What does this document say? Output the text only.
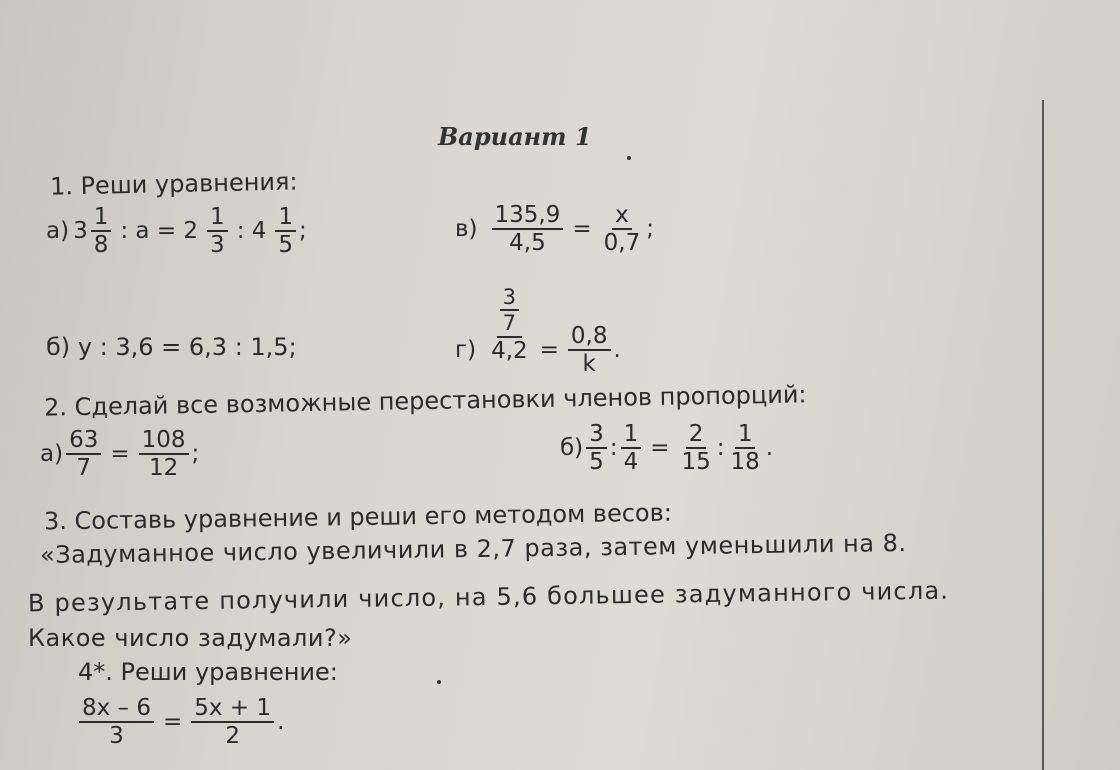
Вариант 1
1. Реши уравнения:
а) $3 \frac{1}{8}$ : $a = 2 \frac{1}{3}$ : $4 \frac{1}{5}$ ;	$в) \frac{135,9}{4,5} = \frac{x}{0,7}$ ;
б) y : 3,6 = 6,3 : 1,5;	$г) \frac{\frac{3}{7}}{4,2} = \frac{0,8}{k}$ .
2. Сделай все возможные перестановки членов пропорций:
$а) \frac{63}{7} = \frac{108}{12}$ ;	$б) \frac{3}{5}$ : $\frac{1}{4} = \frac{2}{15}$ : $\frac{1}{18}$ .
3. Составь уравнение и реши его методом весов:
«Задуманное число увеличили в 2,7 раза, затем уменьшили на 8.
В результате получили число, на 5,6 большее задуманного числа.
Какое число задумали?»
4*. Реши уравнение:
$\frac{8x - 6}{3} = \frac{5x + 1}{2}$ .
